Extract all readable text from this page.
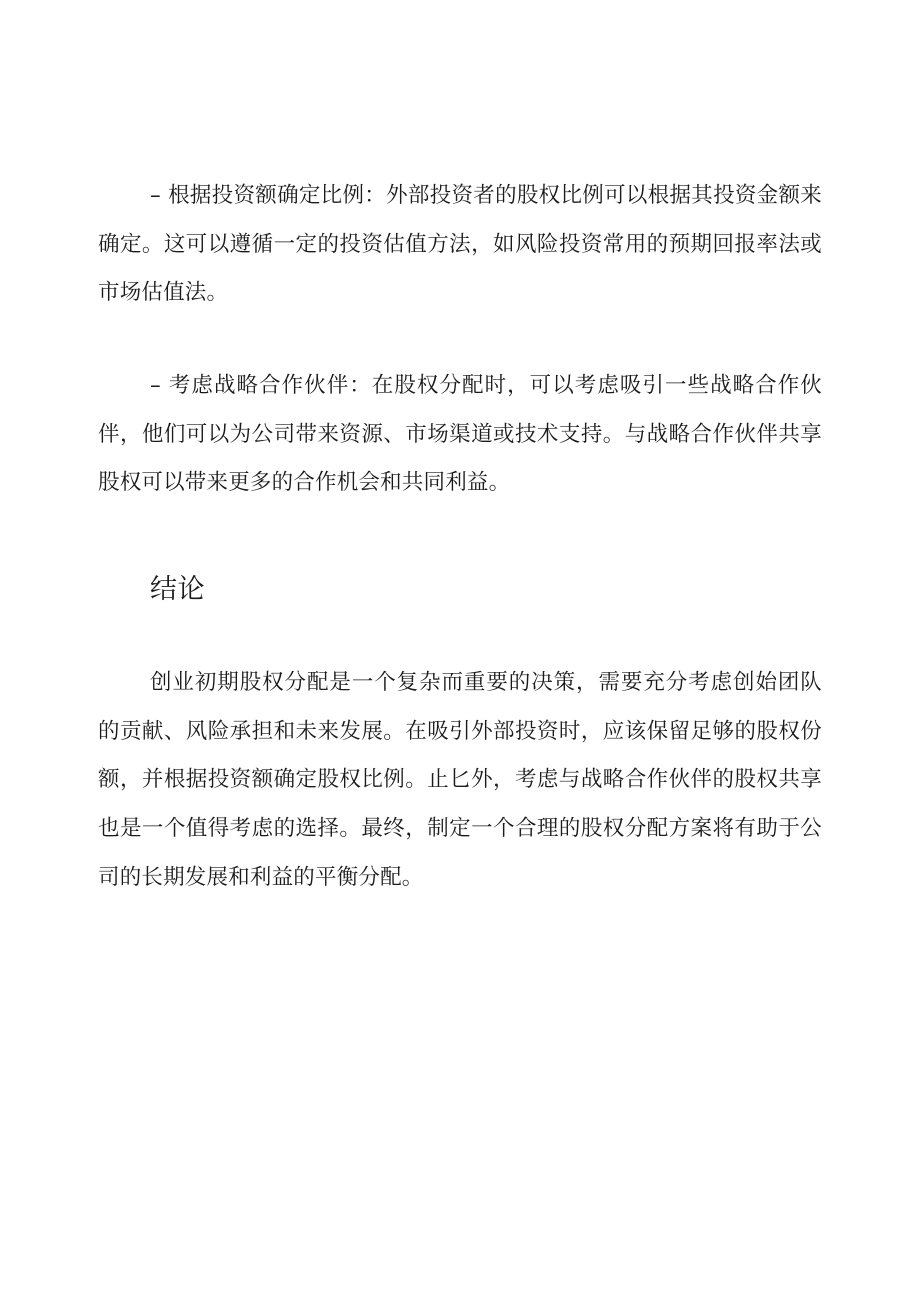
– 根据投资额确定比例：外部投资者的股权比例可以根据其投资金额来确定。这可以遵循一定的投资估值方法，如风险投资常用的预期回报率法或市场估值法。

– 考虑战略合作伙伴：在股权分配时，可以考虑吸引一些战略合作伙伴，他们可以为公司带来资源、市场渠道或技术支持。与战略合作伙伴共享股权可以带来更多的合作机会和共同利益。

结论

创业初期股权分配是一个复杂而重要的决策，需要充分考虑创始团队的贡献、风险承担和未来发展。在吸引外部投资时，应该保留足够的股权份额，并根据投资额确定股权比例。止匕外，考虑与战略合作伙伴的股权共享也是一个值得考虑的选择。最终，制定一个合理的股权分配方案将有助于公司的长期发展和利益的平衡分配。
